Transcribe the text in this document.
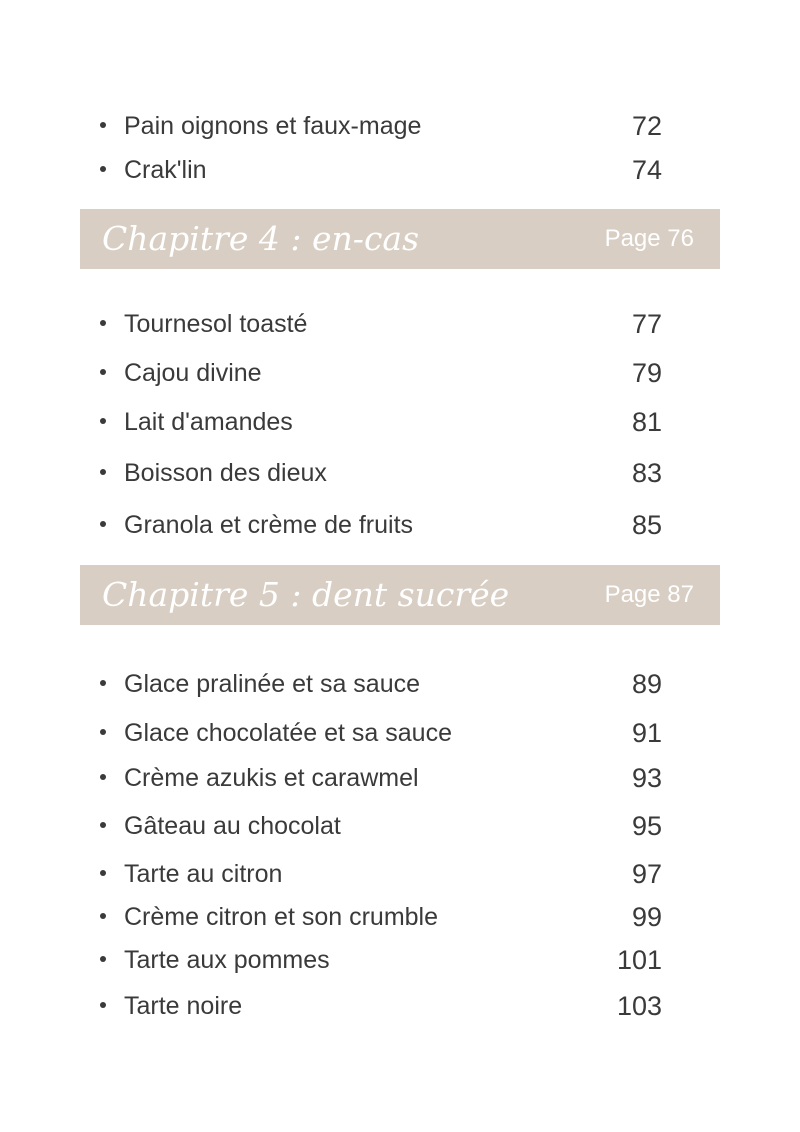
Pain oignons et faux-mage	72
Crak'lin	74
Chapitre 4 : en-cas	Page 76
Tournesol toasté	77
Cajou divine	79
Lait d'amandes	81
Boisson des dieux	83
Granola et crème de fruits	85
Chapitre 5 : dent sucrée	Page 87
Glace pralinée et sa sauce	89
Glace chocolatée et sa sauce	91
Crème azukis et carawmel	93
Gâteau au chocolat	95
Tarte au citron	97
Crème citron et son crumble	99
Tarte aux pommes	101
Tarte noire	103
